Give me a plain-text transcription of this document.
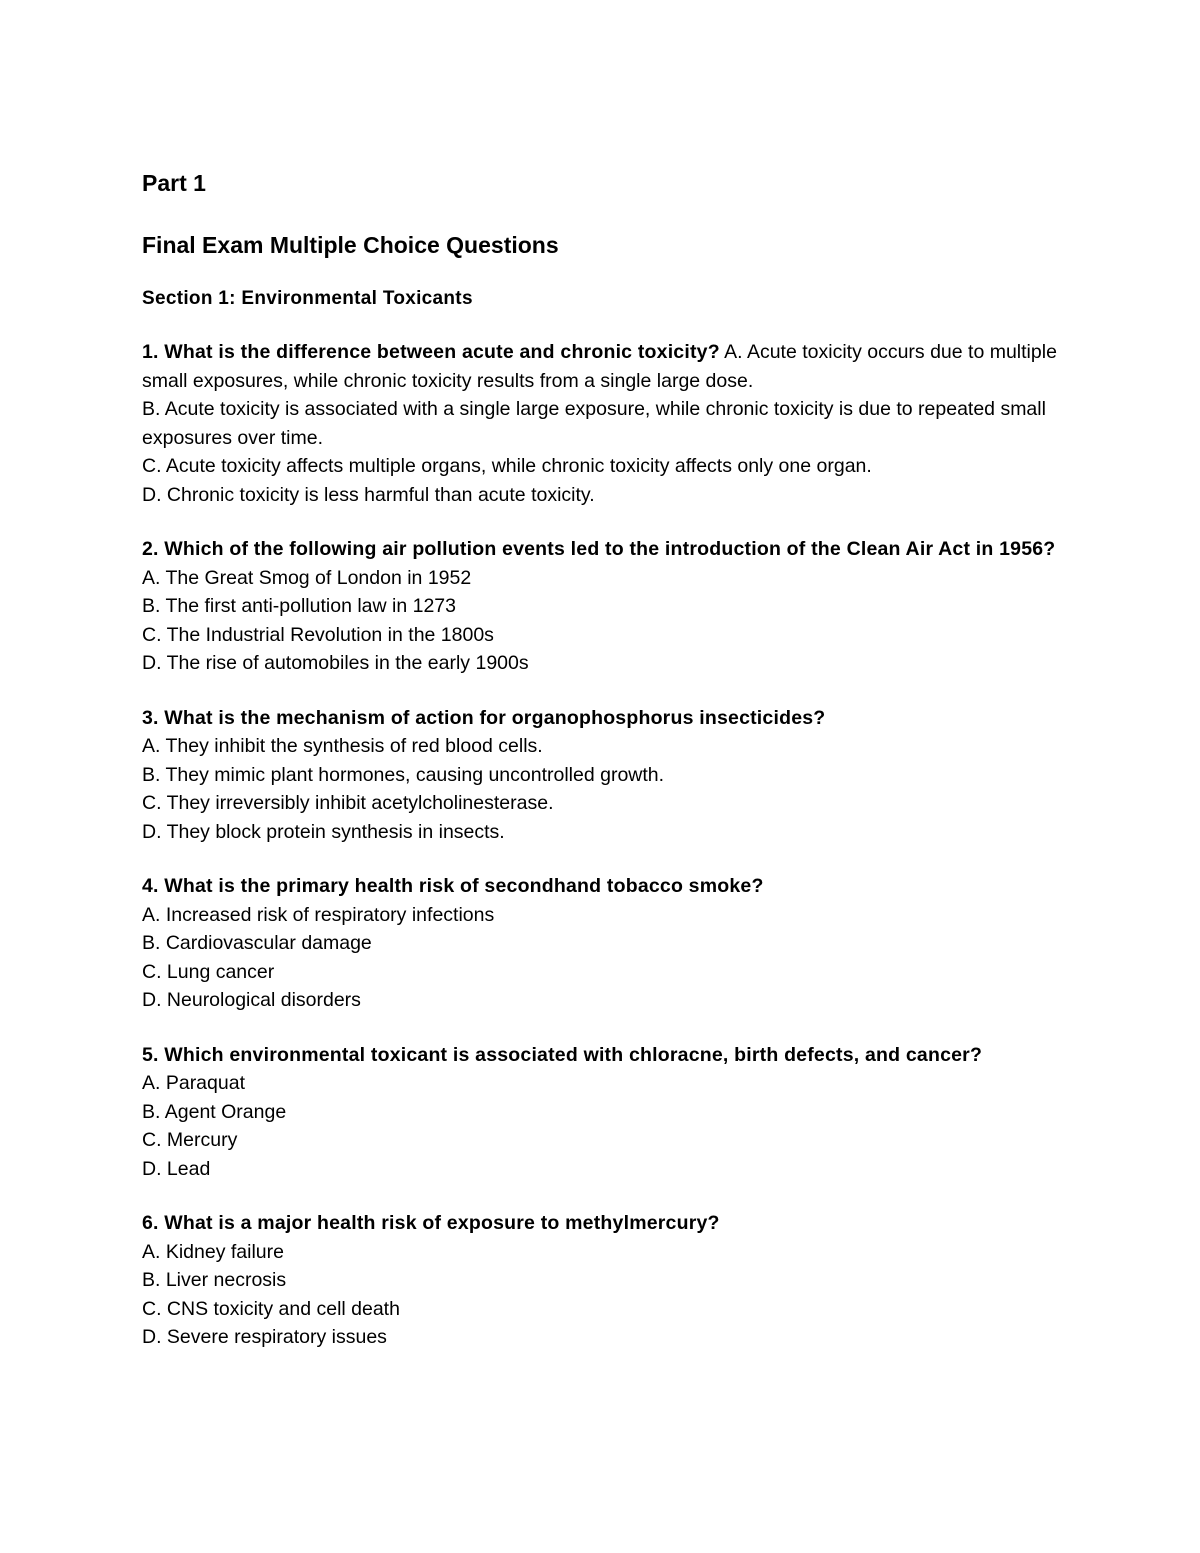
Part 1
Final Exam Multiple Choice Questions
Section 1: Environmental Toxicants
1. What is the difference between acute and chronic toxicity? A. Acute toxicity occurs due to multiple small exposures, while chronic toxicity results from a single large dose.
B. Acute toxicity is associated with a single large exposure, while chronic toxicity is due to repeated small exposures over time.
C. Acute toxicity affects multiple organs, while chronic toxicity affects only one organ.
D. Chronic toxicity is less harmful than acute toxicity.
2. Which of the following air pollution events led to the introduction of the Clean Air Act in 1956?
A. The Great Smog of London in 1952
B. The first anti-pollution law in 1273
C. The Industrial Revolution in the 1800s
D. The rise of automobiles in the early 1900s
3. What is the mechanism of action for organophosphorus insecticides?
A. They inhibit the synthesis of red blood cells.
B. They mimic plant hormones, causing uncontrolled growth.
C. They irreversibly inhibit acetylcholinesterase.
D. They block protein synthesis in insects.
4. What is the primary health risk of secondhand tobacco smoke?
A. Increased risk of respiratory infections
B. Cardiovascular damage
C. Lung cancer
D. Neurological disorders
5. Which environmental toxicant is associated with chloracne, birth defects, and cancer?
A. Paraquat
B. Agent Orange
C. Mercury
D. Lead
6. What is a major health risk of exposure to methylmercury?
A. Kidney failure
B. Liver necrosis
C. CNS toxicity and cell death
D. Severe respiratory issues
